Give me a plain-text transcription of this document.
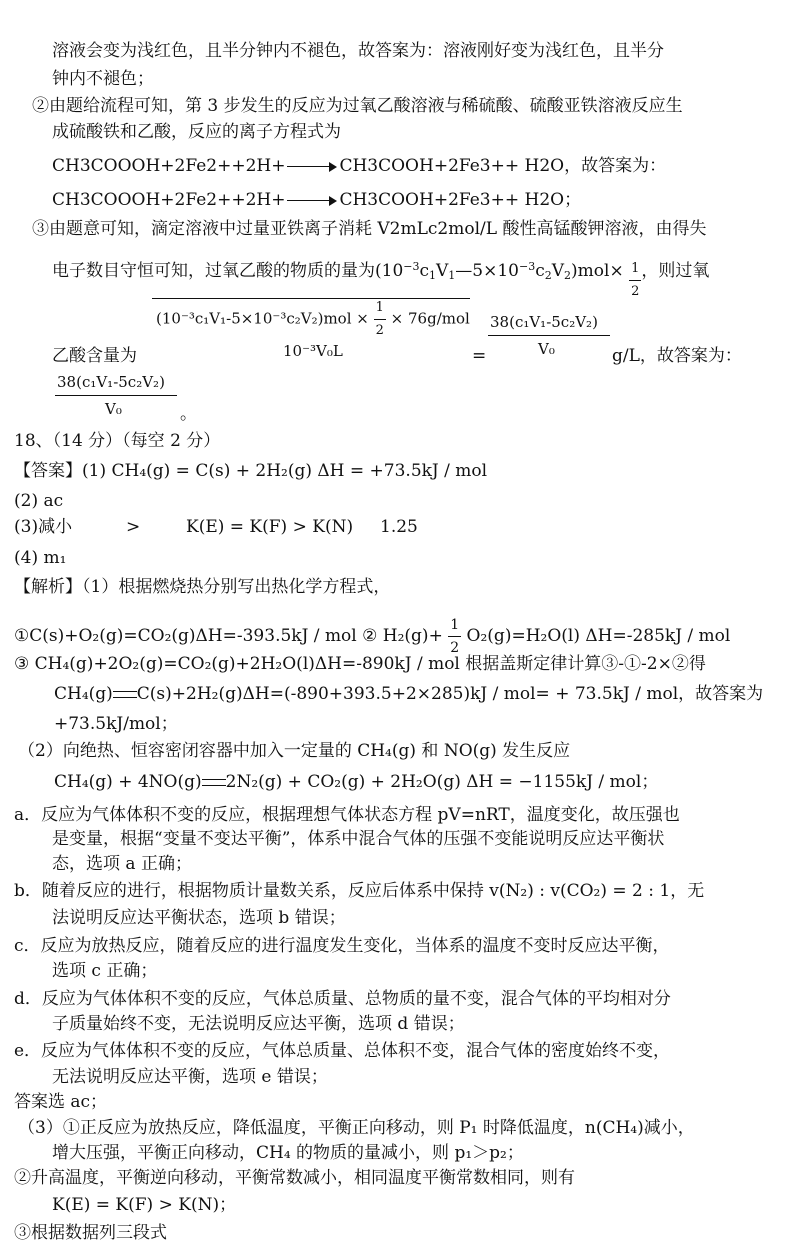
溶液会变为浅红色，且半分钟内不褪色，故答案为：溶液刚好变为浅红色，且半分
钟内不褪色；
②由题给流程可知，第 3 步发生的反应为过氧乙酸溶液与稀硫酸、硫酸亚铁溶液反应生
成硫酸铁和乙酸，反应的离子方程式为
CH3COOOH+2Fe2++2H+	CH3COOH+2Fe3++ H2O，故答案为：
CH3COOOH+2Fe2++2H+	CH3COOH+2Fe3++ H2O；
③由题意可知，滴定溶液中过量亚铁离子消耗 V2mLc2mol/L 酸性高锰酸钾溶液，由得失
电子数目守恒可知，过氧乙酸的物质的量为$(10^{-3}c_1V_1—5\times 10^{-3}c_2V_2)mol\times \frac{1}{2}$ ，则过氧
$(10^{-3}c_1V_1-5\times 10^{-3}c_2V_2)mol \times \frac{1}{2} \times 76g/mol$
10⁻³V₀L
38(c₁V₁-5c₂V₂)
V₀
乙酸含量为	=	g/L，故答案为：
38(c₁V₁-5c₂V₂)
V₀	。
18、（14 分）（每空 2 分）
【答案】(1) CH₄(g) = C(s) + 2H₂(g) ΔH = +73.5kJ / mol
(2) ac
(3)减小	>	K(E) = K(F) > K(N) 1.25
(4) m₁
【解析】（1）根据燃烧热分别写出热化学方程式，
①C(s)+O₂(g)=CO₂(g)ΔH=-393.5kJ / mol ② $H_2(g)+ \frac{1}{2} O_2(g)=H_2O(l)$ ΔH=-285kJ / mol
③ CH₄(g)+2O₂(g)=CO₂(g)+2H₂O(l)ΔH=-890kJ / mol 根据盖斯定律计算③-①-2×②得
CH₄(g) C(s)+2H₂(g)ΔH=(-890+393.5+2×285)kJ / mol= + 73.5kJ / mol，故答案为
+73.5kJ/mol；
（2）向绝热、恒容密闭容器中加入一定量的 CH₄(g) 和 NO(g) 发生反应
CH₄(g) + 4NO(g) 2N₂(g) + CO₂(g) + 2H₂O(g) ΔH = −1155kJ / mol；
a．反应为气体体积不变的反应，根据理想气体状态方程 pV=nRT，温度变化，故压强也
是变量，根据“变量不变达平衡”，体系中混合气体的压强不变能说明反应达平衡状
态，选项 a 正确；
b．随着反应的进行，根据物质计量数关系，反应后体系中保持 v(N₂) : v(CO₂) = 2 : 1，无
法说明反应达平衡状态，选项 b 错误；
c．反应为放热反应，随着反应的进行温度发生变化，当体系的温度不变时反应达平衡，
选项 c 正确；
d．反应为气体体积不变的反应，气体总质量、总物质的量不变，混合气体的平均相对分
子质量始终不变，无法说明反应达平衡，选项 d 错误；
e．反应为气体体积不变的反应，气体总质量、总体积不变，混合气体的密度始终不变，
无法说明反应达平衡，选项 e 错误；
答案选 ac；
（3）①正反应为放热反应，降低温度，平衡正向移动，则 P₁ 时降低温度，n(CH₄)减小，
增大压强，平衡正向移动，CH₄ 的物质的量减小，则 p₁＞p₂；
②升高温度，平衡逆向移动，平衡常数减小，相同温度平衡常数相同，则有
K(E) = K(F) > K(N)；
③根据数据列三段式
